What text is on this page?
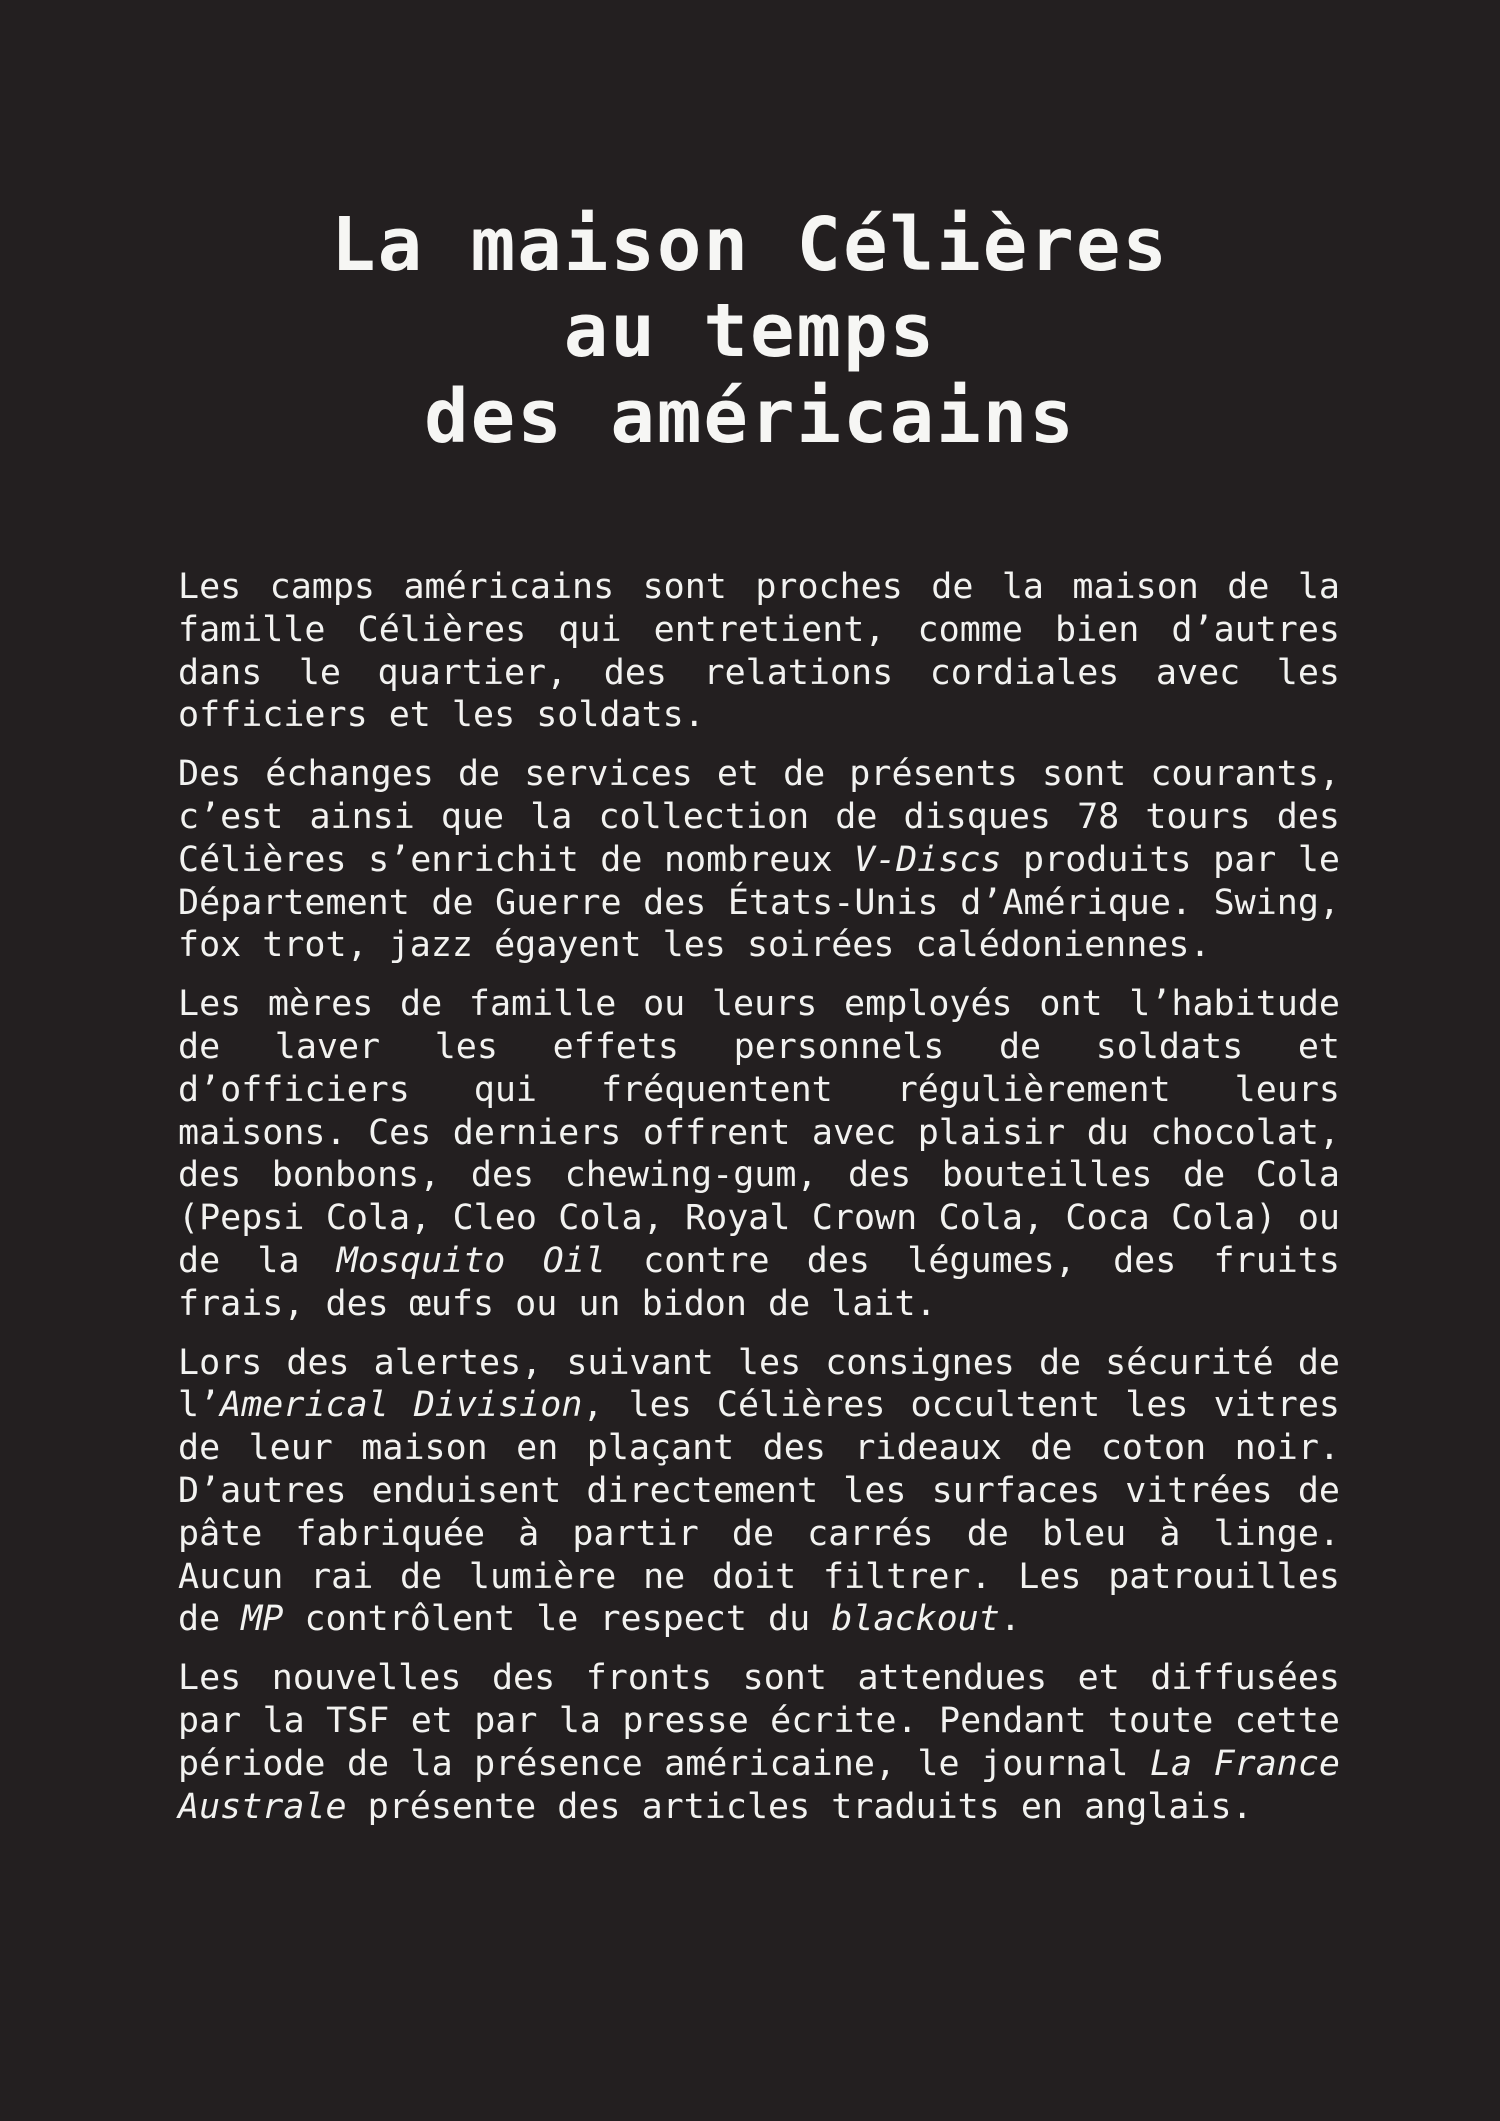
La maison Célières
au temps
des américains

Les camps américains sont proches de la maison de la famille Célières qui entretient, comme bien d’autres dans le quartier, des relations cordiales avec les officiers et les soldats.

Des échanges de services et de présents sont courants, c’est ainsi que la collection de disques 78 tours des Célières s’enrichit de nombreux V-Discs produits par le Département de Guerre des États-Unis d’Amérique. Swing, fox trot, jazz égayent les soirées calédoniennes.

Les mères de famille ou leurs employés ont l’habitude de laver les effets personnels de soldats et d’officiers qui fréquentent régulièrement leurs maisons. Ces derniers offrent avec plaisir du chocolat, des bonbons, des chewing-gum, des bouteilles de Cola (Pepsi Cola, Cleo Cola, Royal Crown Cola, Coca Cola) ou de la Mosquito Oil contre des légumes, des fruits frais, des œufs ou un bidon de lait.

Lors des alertes, suivant les consignes de sécurité de l’Americal Division, les Célières occultent les vitres de leur maison en plaçant des rideaux de coton noir. D’autres enduisent directement les surfaces vitrées de pâte fabriquée à partir de carrés de bleu à linge. Aucun rai de lumière ne doit filtrer. Les patrouilles de MP contrôlent le respect du blackout.

Les nouvelles des fronts sont attendues et diffusées par la TSF et par la presse écrite. Pendant toute cette période de la présence américaine, le journal La France Australe présente des articles traduits en anglais.
